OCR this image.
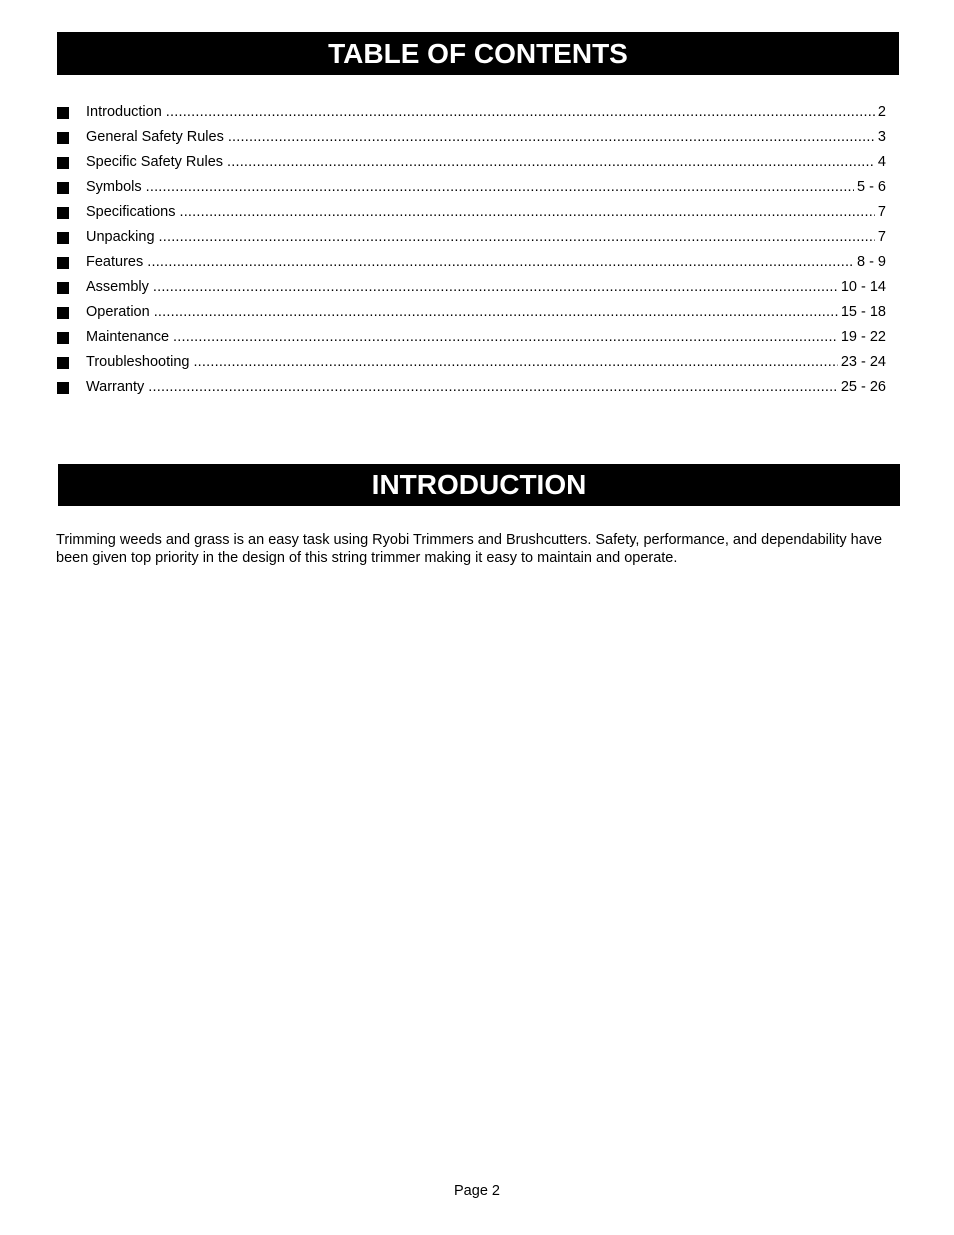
TABLE OF CONTENTS
Introduction .....	2
General Safety Rules .....	3
Specific Safety Rules .....	4
Symbols .....	5 - 6
Specifications .....	7
Unpacking .....	7
Features .....	8 - 9
Assembly .....	10 - 14
Operation .....	15 - 18
Maintenance .....	19 - 22
Troubleshooting .....	23 - 24
Warranty .....	25 - 26
INTRODUCTION

Trimming weeds and grass is an easy task using Ryobi Trimmers and Brushcutters. Safety, performance, and dependability have been given top priority in the design of this string trimmer making it easy to maintain and operate.

Page 2
